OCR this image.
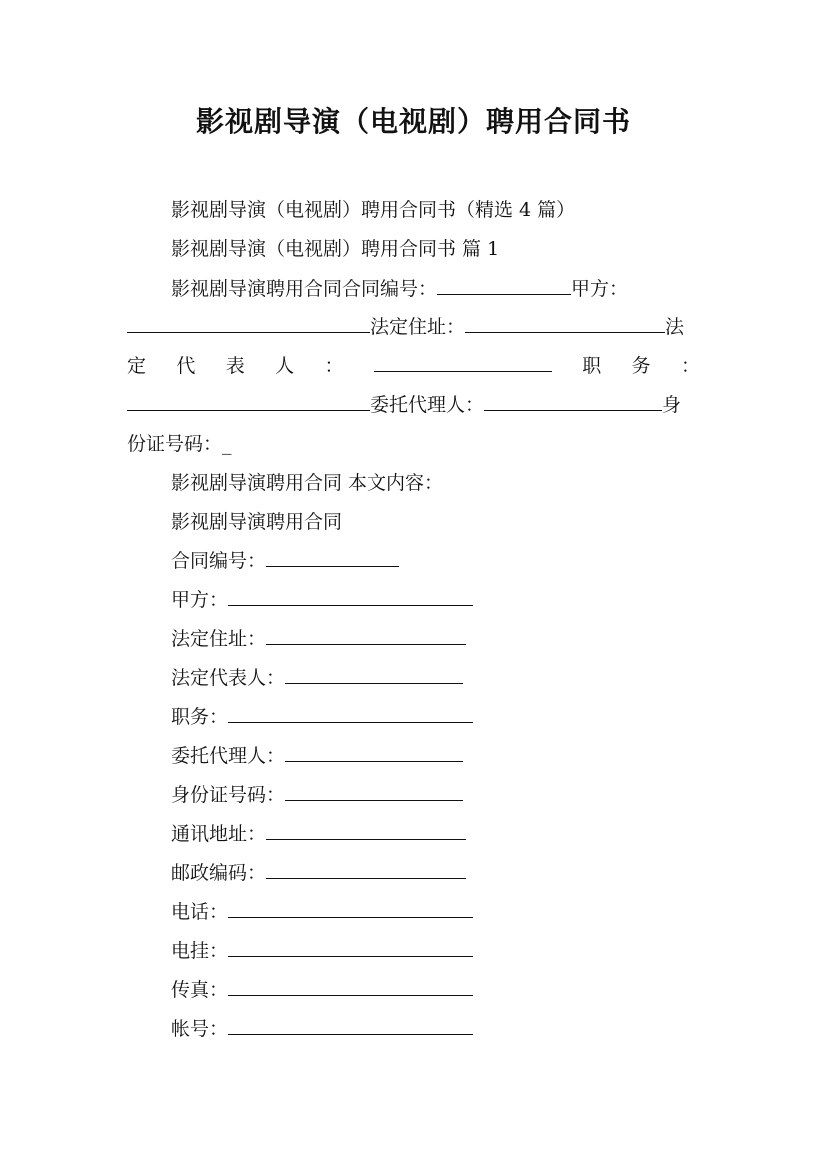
影视剧导演（电视剧）聘用合同书
影视剧导演（电视剧）聘用合同书（精选 4 篇）
影视剧导演（电视剧）聘用合同书 篇 1
影视剧导演聘用合同合同编号：	甲方：
法定住址：	法
定 代 表 人 ：	职 务 ：
委托代理人：	身
份证号码：_
影视剧导演聘用合同 本文内容：
影视剧导演聘用合同
合同编号：
甲方：
法定住址：
法定代表人：
职务：
委托代理人：
身份证号码：
通讯地址：
邮政编码：
电话：
电挂：
传真：
帐号：
